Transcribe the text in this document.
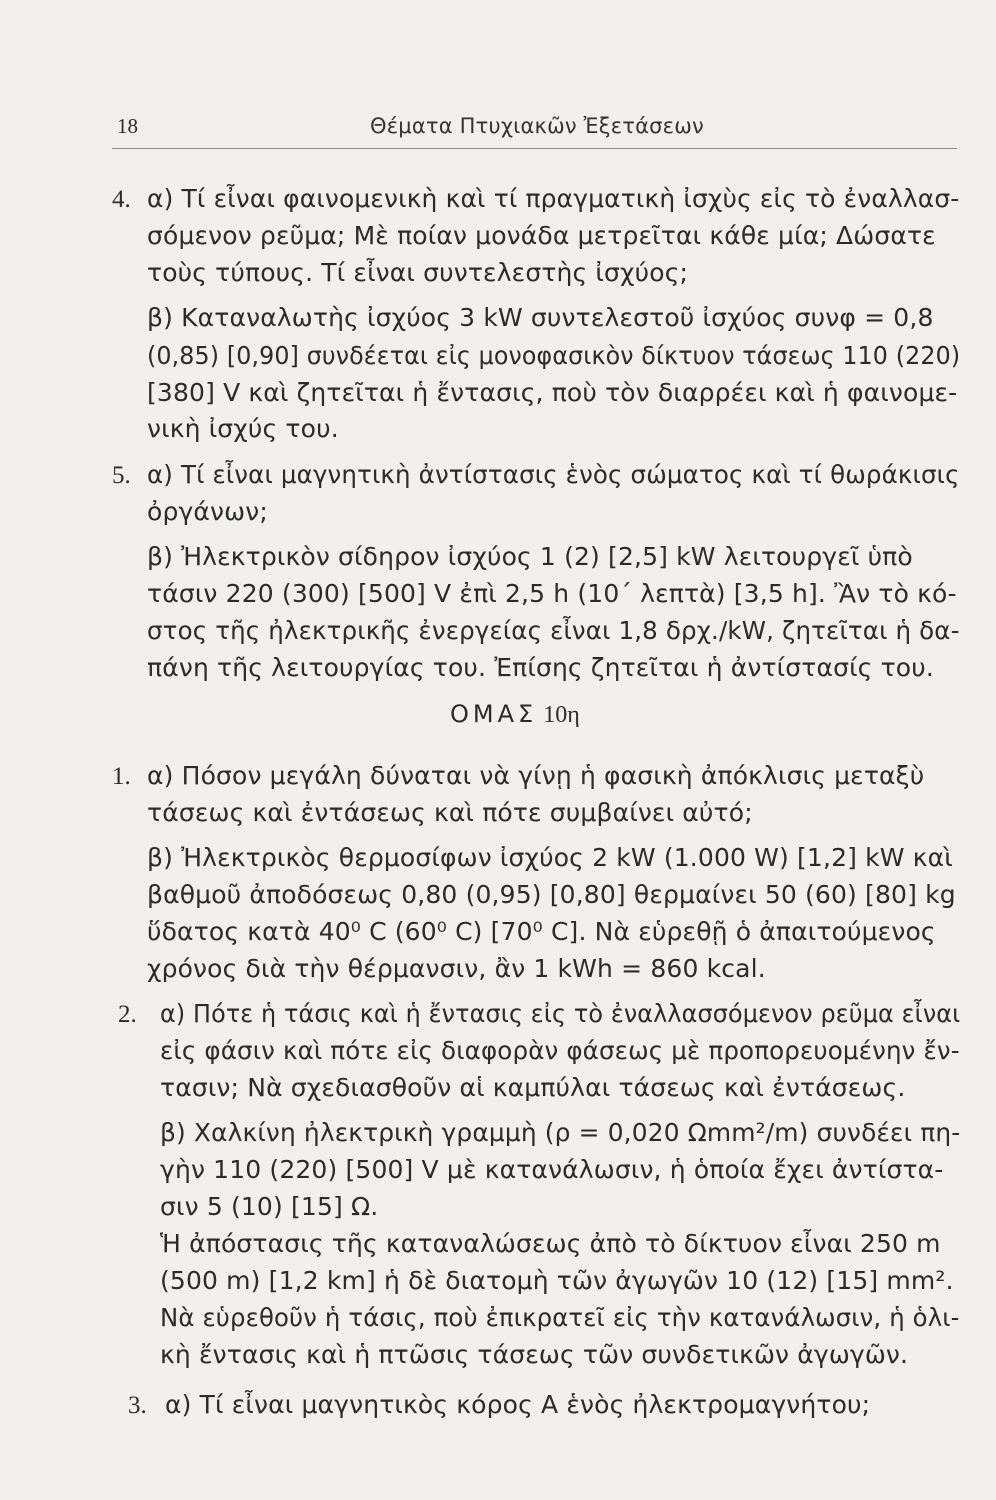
18	Θέματα Πτυχιακῶν Ἐξετάσεων
4. α) Τί εἶναι φαινομενικὴ καὶ τί πραγματικὴ ἰσχὺς εἰς τὸ ἐναλλασ-
σόμενον ρεῦμα; Μὲ ποίαν μονάδα μετρεῖται κάθε μία; Δώσατε
τοὺς τύπους. Τί εἶναι συντελεστὴς ἰσχύος;
β) Καταναλωτὴς ἰσχύος 3 kW συντελεστοῦ ἰσχύος συνφ = 0,8
(0,85) [0,90] συνδέεται εἰς μονοφασικὸν δίκτυον τάσεως 110 (220)
[380] V καὶ ζητεῖται ἡ ἔντασις, ποὺ τὸν διαρρέει καὶ ἡ φαινομε-
νικὴ ἰσχύς του.
5. α) Τί εἶναι μαγνητικὴ ἀντίστασις ἑνὸς σώματος καὶ τί θωράκισις
ὀργάνων;
β) Ἠλεκτρικὸν σίδηρον ἰσχύος 1 (2) [2,5] kW λειτουργεῖ ὑπὸ
τάσιν 220 (300) [500] V ἐπὶ 2,5 h (10΄ λεπτὰ) [3,5 h]. Ἂν τὸ κό-
στος τῆς ἠλεκτρικῆς ἐνεργείας εἶναι 1,8 δρχ./kW, ζητεῖται ἡ δα-
πάνη τῆς λειτουργίας του. Ἐπίσης ζητεῖται ἡ ἀντίστασίς του.
ΟΜΑΣ 10η
1. α) Πόσον μεγάλη δύναται νὰ γίνῃ ἡ φασικὴ ἀπόκλισις μεταξὺ
τάσεως καὶ ἐντάσεως καὶ πότε συμβαίνει αὐτό;
β) Ἠλεκτρικὸς θερμοσίφων ἰσχύος 2 kW (1.000 W) [1,2] kW καὶ
βαθμοῦ ἀποδόσεως 0,80 (0,95) [0,80] θερμαίνει 50 (60) [80] kg
ὕδατος κατὰ 40⁰ C (60⁰ C) [70⁰ C]. Νὰ εὑρεθῇ ὁ ἀπαιτούμενος
χρόνος διὰ τὴν θέρμανσιν, ἂν 1 kWh = 860 kcal.
2. α) Πότε ἡ τάσις καὶ ἡ ἔντασις εἰς τὸ ἐναλλασσόμενον ρεῦμα εἶναι
εἰς φάσιν καὶ πότε εἰς διαφορὰν φάσεως μὲ προπορευομένην ἔν-
τασιν; Νὰ σχεδιασθοῦν αἱ καμπύλαι τάσεως καὶ ἐντάσεως.
β) Χαλκίνη ἠλεκτρικὴ γραμμὴ (ρ = 0,020 Ωmm²/m) συνδέει πη-
γὴν 110 (220) [500] V μὲ κατανάλωσιν, ἡ ὁποία ἔχει ἀντίστα-
σιν 5 (10) [15] Ω.
Ἡ ἀπόστασις τῆς καταναλώσεως ἀπὸ τὸ δίκτυον εἶναι 250 m
(500 m) [1,2 km] ἡ δὲ διατομὴ τῶν ἀγωγῶν 10 (12) [15] mm².
Νὰ εὑρεθοῦν ἡ τάσις, ποὺ ἐπικρατεῖ εἰς τὴν κατανάλωσιν, ἡ ὁλι-
κὴ ἔντασις καὶ ἡ πτῶσις τάσεως τῶν συνδετικῶν ἀγωγῶν.
3. α) Τί εἶναι μαγνητικὸς κόρος A ἑνὸς ἠλεκτρομαγνήτου;
